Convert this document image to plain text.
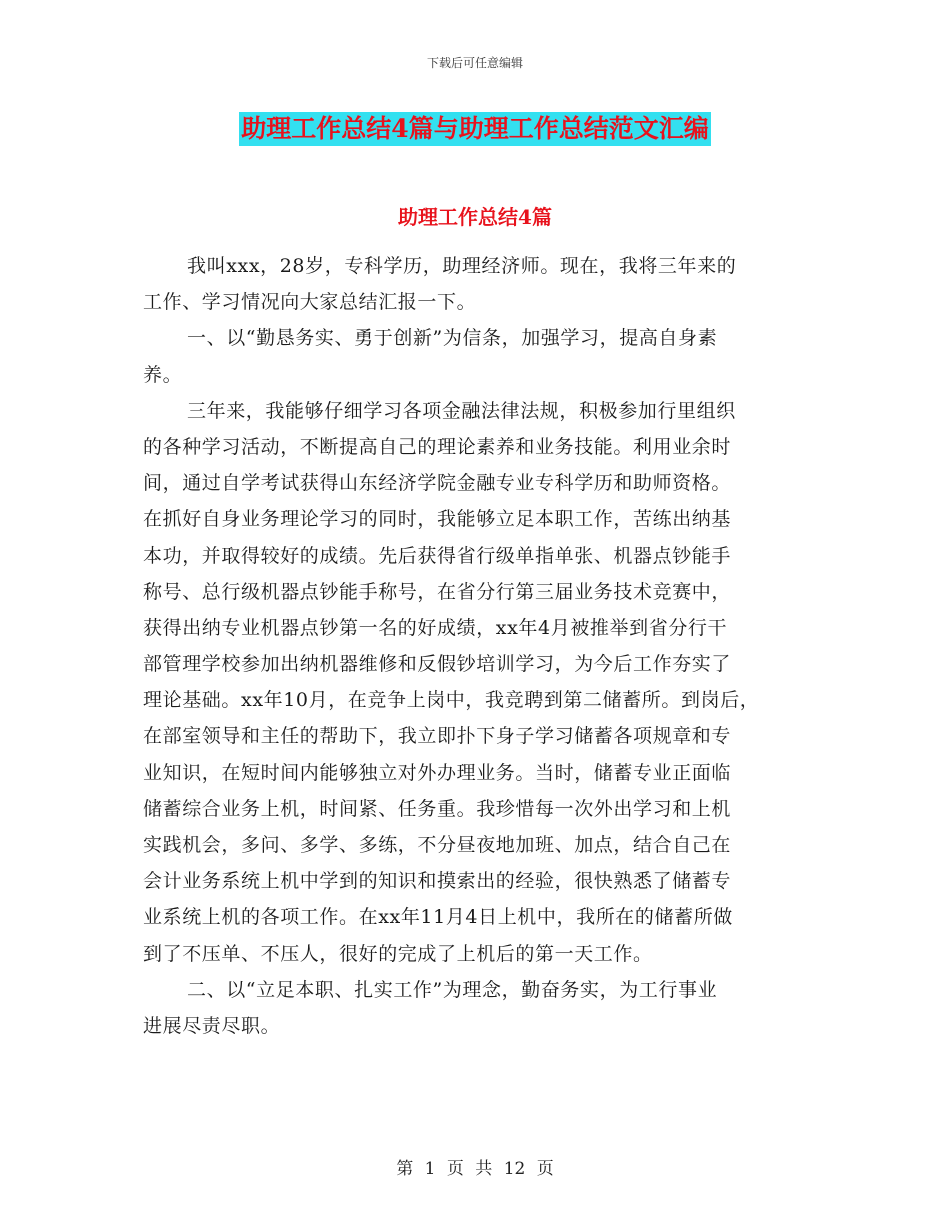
下载后可任意编辑
助理工作总结4篇与助理工作总结范文汇编
助理工作总结4篇
我叫xxx，28岁，专科学历，助理经济师。现在，我将三年来的
工作、学习情况向大家总结汇报一下。
一、以“勤恳务实、勇于创新”为信条，加强学习，提高自身素
养。
三年来，我能够仔细学习各项金融法律法规，积极参加行里组织
的各种学习活动，不断提高自己的理论素养和业务技能。利用业余时
间，通过自学考试获得山东经济学院金融专业专科学历和助师资格。
在抓好自身业务理论学习的同时，我能够立足本职工作，苦练出纳基
本功，并取得较好的成绩。先后获得省行级单指单张、机器点钞能手
称号、总行级机器点钞能手称号，在省分行第三届业务技术竞赛中，
获得出纳专业机器点钞第一名的好成绩，xx年4月被推举到省分行干
部管理学校参加出纳机器维修和反假钞培训学习，为今后工作夯实了
理论基础。xx年10月，在竞争上岗中，我竞聘到第二储蓄所。到岗后，
在部室领导和主任的帮助下，我立即扑下身子学习储蓄各项规章和专
业知识，在短时间内能够独立对外办理业务。当时，储蓄专业正面临
储蓄综合业务上机，时间紧、任务重。我珍惜每一次外出学习和上机
实践机会，多问、多学、多练，不分昼夜地加班、加点，结合自己在
会计业务系统上机中学到的知识和摸索出的经验，很快熟悉了储蓄专
业系统上机的各项工作。在xx年11月4日上机中，我所在的储蓄所做
到了不压单、不压人，很好的完成了上机后的第一天工作。
二、以“立足本职、扎实工作”为理念，勤奋务实，为工行事业
进展尽责尽职。
第 1 页 共 12 页
